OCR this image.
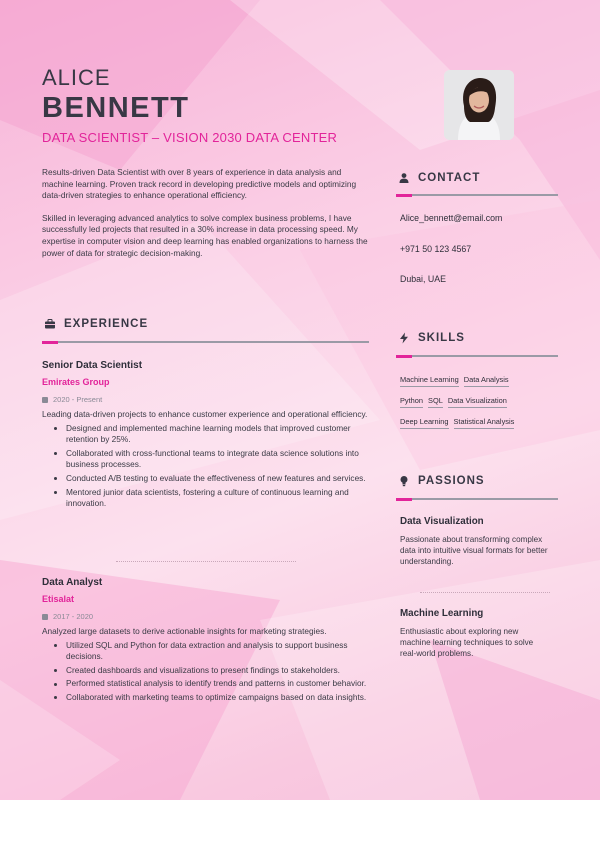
ALICE
BENNETT
DATA SCIENTIST – VISION 2030 DATA CENTER

Results-driven Data Scientist with over 8 years of experience in data analysis and machine learning. Proven track record in developing predictive models and optimizing data-driven strategies to enhance operational efficiency.

Skilled in leveraging advanced analytics to solve complex business problems, I have successfully led projects that resulted in a 30% increase in data processing speed. My expertise in computer vision and deep learning has enabled organizations to harness the power of data for strategic decision-making.

EXPERIENCE
Senior Data Scientist
Emirates Group
2020 - Present
Leading data-driven projects to enhance customer experience and operational efficiency.
Designed and implemented machine learning models that improved customer retention by 25%.
Collaborated with cross-functional teams to integrate data science solutions into business processes.
Conducted A/B testing to evaluate the effectiveness of new features and services.
Mentored junior data scientists, fostering a culture of continuous learning and innovation.
Data Analyst
Etisalat
2017 - 2020
Analyzed large datasets to derive actionable insights for marketing strategies.
Utilized SQL and Python for data extraction and analysis to support business decisions.
Created dashboards and visualizations to present findings to stakeholders.
Performed statistical analysis to identify trends and patterns in customer behavior.
Collaborated with marketing teams to optimize campaigns based on data insights.
CONTACT
Alice_bennett@email.com
+971 50 123 4567
Dubai, UAE
SKILLS
Machine Learning Data Analysis
Python SQL Data Visualization
Deep Learning Statistical Analysis
PASSIONS
Data Visualization
Passionate about transforming complex data into intuitive visual formats for better understanding.
Machine Learning
Enthusiastic about exploring new machine learning techniques to solve real-world problems.
